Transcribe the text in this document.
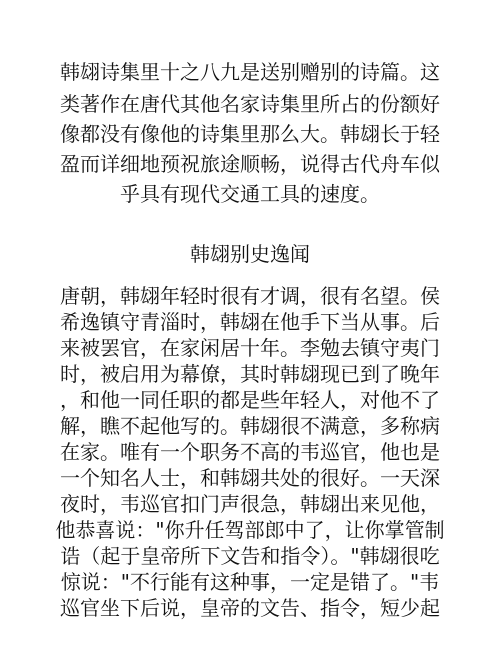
韩翃诗集里十之八九是送别赠别的诗篇。这
类著作在唐代其他名家诗集里所占的份额好
像都没有像他的诗集里那么大。韩翃长于轻
盈而详细地预祝旅途顺畅，说得古代舟车似
乎具有现代交通工具的速度。
韩翃别史逸闻
唐朝，韩翃年轻时很有才调，很有名望。侯
希逸镇守青淄时，韩翃在他手下当从事。后
来被罢官，在家闲居十年。李勉去镇守夷门
时，被启用为幕僚，其时韩翃现已到了晚年
，和他一同任职的都是些年轻人，对他不了
解，瞧不起他写的。韩翃很不满意，多称病
在家。唯有一个职务不高的韦巡官，他也是
一个知名人士，和韩翃共处的很好。一天深
夜时，韦巡官扣门声很急，韩翃出来见他，
他恭喜说："你升任驾部郎中了，让你掌管制
诰（起于皇帝所下文告和指令）。"韩翃很吃
惊说："不行能有这种事，一定是错了。"韦
巡官坐下后说，皇帝的文告、指令，短少起
